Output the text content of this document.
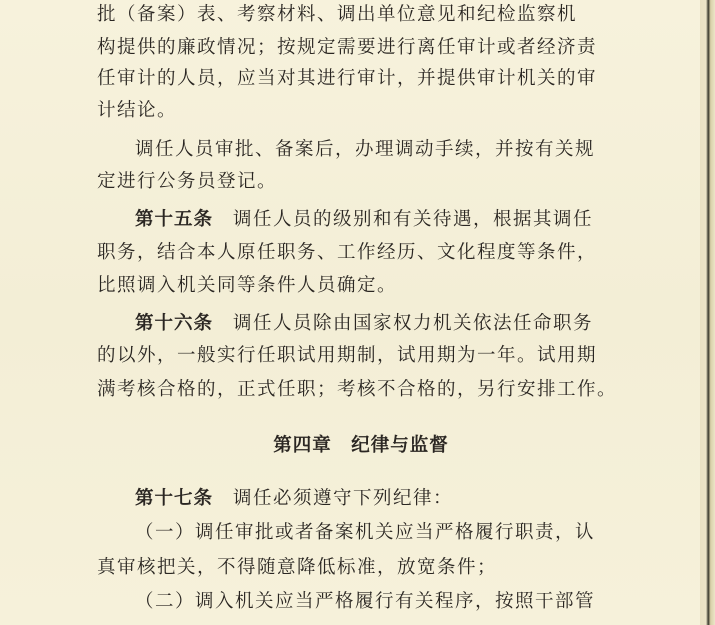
批（备案）表、考察材料、调出单位意见和纪检监察机
构提供的廉政情况；按规定需要进行离任审计或者经济责
任审计的人员，应当对其进行审计，并提供审计机关的审
计结论。
调任人员审批、备案后，办理调动手续，并按有关规
定进行公务员登记。
第十五条　调任人员的级别和有关待遇，根据其调任
职务，结合本人原任职务、工作经历、文化程度等条件，
比照调入机关同等条件人员确定。
第十六条　调任人员除由国家权力机关依法任命职务
的以外，一般实行任职试用期制，试用期为一年。试用期
满考核合格的，正式任职；考核不合格的，另行安排工作。
第四章　纪律与监督
第十七条　调任必须遵守下列纪律：
（一）调任审批或者备案机关应当严格履行职责，认
真审核把关，不得随意降低标准，放宽条件；
（二）调入机关应当严格履行有关程序，按照干部管
